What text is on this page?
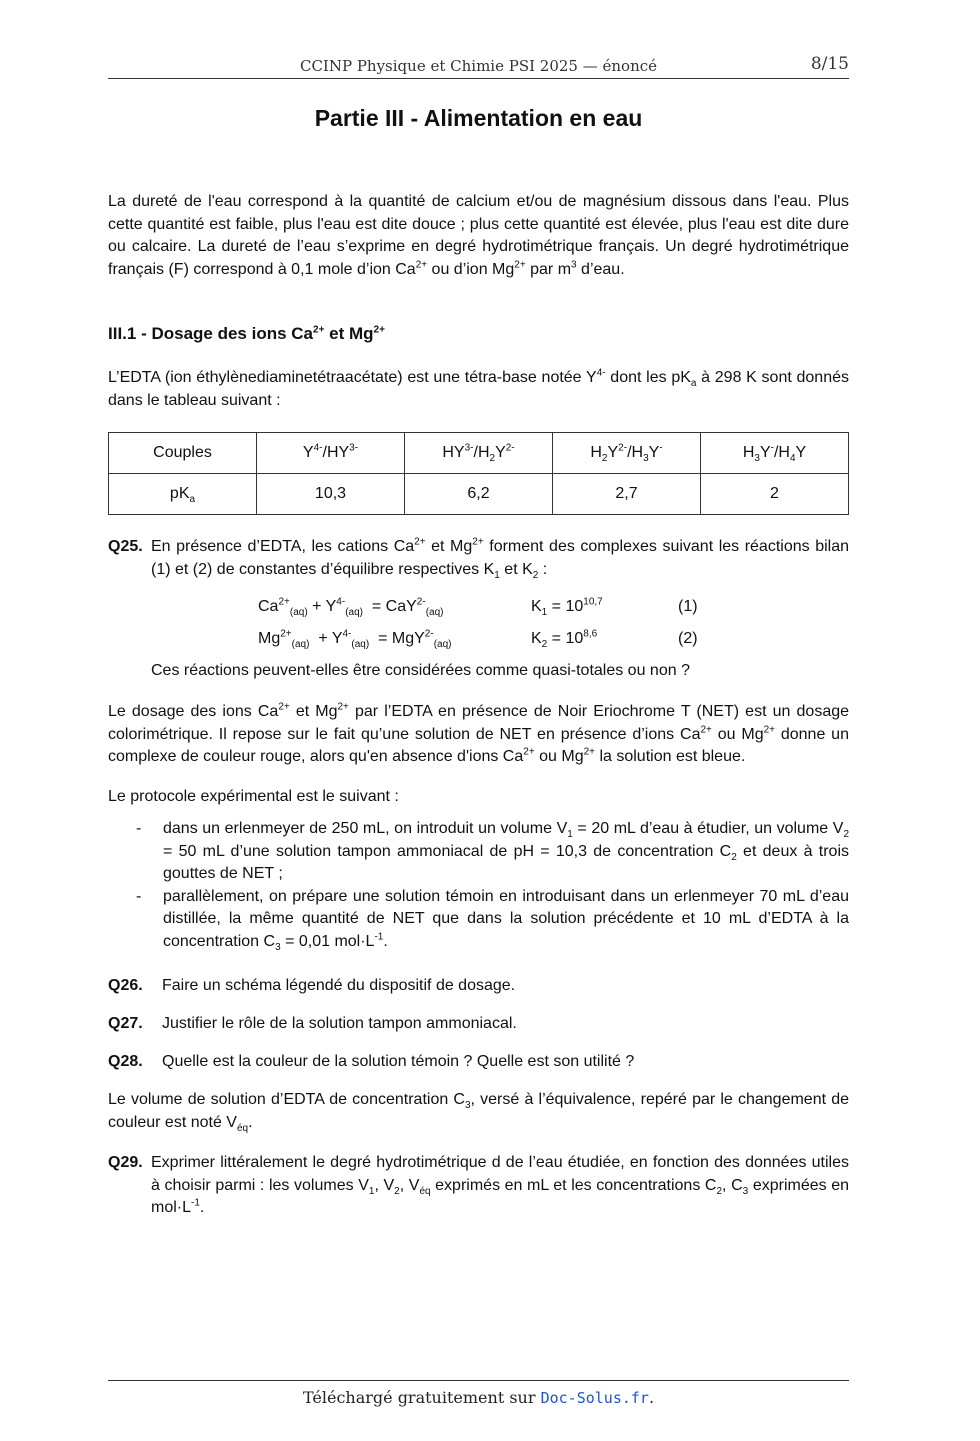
CCINP Physique et Chimie PSI 2025 — énoncé	8/15
Partie III - Alimentation en eau
La dureté de l'eau correspond à la quantité de calcium et/ou de magnésium dissous dans l'eau. Plus cette quantité est faible, plus l'eau est dite douce ; plus cette quantité est élevée, plus l'eau est dite dure ou calcaire. La dureté de l’eau s’exprime en degré hydrotimétrique français. Un degré hydrotimétrique français (F) correspond à 0,1 mole d’ion $Ca^{2+}$ ou d’ion $Mg^{2+}$ par $m^3$ d’eau.
III.1 - Dosage des ions $Ca^{2+}$ et $Mg^{2+}$
L’EDTA (ion éthylènediaminetétraacétate) est une tétra-base notée $Y^{4-}$ dont les $pK_a$ à 298 K sont donnés dans le tableau suivant :
Couples	$Y^{4-}/HY^{3-}$	$HY^{3-}/H_2Y^{2-}$	$H_2Y^{2-}/H_3Y^-$	$H_3Y^-/H_4Y$
$pK_a$	10,3	6,2	2,7	2
Q25. En présence d’EDTA, les cations $Ca^{2+}$ et $Mg^{2+}$ forment des complexes suivant les réactions bilan (1) et (2) de constantes d’équilibre respectives $K_1$ et $K_2$ :
$Ca^{2+}_{(aq)} + Y^{4-}_{(aq)} = CaY^{2-}_{(aq)}$	$K_1 = 10^{10,7}$	(1)
$Mg^{2+}_{(aq)} + Y^{4-}_{(aq)} = MgY^{2-}_{(aq)}$	$K_2 = 10^{8,6}$	(2)
Ces réactions peuvent-elles être considérées comme quasi-totales ou non ?
Le dosage des ions $Ca^{2+}$ et $Mg^{2+}$ par l’EDTA en présence de Noir Eriochrome T (NET) est un dosage colorimétrique. Il repose sur le fait qu’une solution de NET en présence d’ions $Ca^{2+}$ ou $Mg^{2+}$ donne un complexe de couleur rouge, alors qu'en absence d'ions $Ca^{2+}$ ou $Mg^{2+}$ la solution est bleue.
Le protocole expérimental est le suivant :
- dans un erlenmeyer de 250 mL, on introduit un volume $V_1 = 20$ mL d’eau à étudier, un volume $V_2 = 50$ mL d’une solution tampon ammoniacal de pH = 10,3 de concentration $C_2$ et deux à trois gouttes de NET ;
- parallèlement, on prépare une solution témoin en introduisant dans un erlenmeyer 70 mL d’eau distillée, la même quantité de NET que dans la solution précédente et 10 mL d’EDTA à la concentration $C_3 = 0,01$ $mol\cdot L^{-1}$.
Q26. Faire un schéma légendé du dispositif de dosage.
Q27. Justifier le rôle de la solution tampon ammoniacal.
Q28. Quelle est la couleur de la solution témoin ? Quelle est son utilité ?
Le volume de solution d’EDTA de concentration $C_3$, versé à l’équivalence, repéré par le changement de couleur est noté $V_{éq}$.
Q29. Exprimer littéralement le degré hydrotimétrique d de l’eau étudiée, en fonction des données utiles à choisir parmi : les volumes $V_1$, $V_2$, $V_{éq}$ exprimés en mL et les concentrations $C_2$, $C_3$ exprimées en $mol\cdot L^{-1}$.
Téléchargé gratuitement sur Doc-Solus.fr.
